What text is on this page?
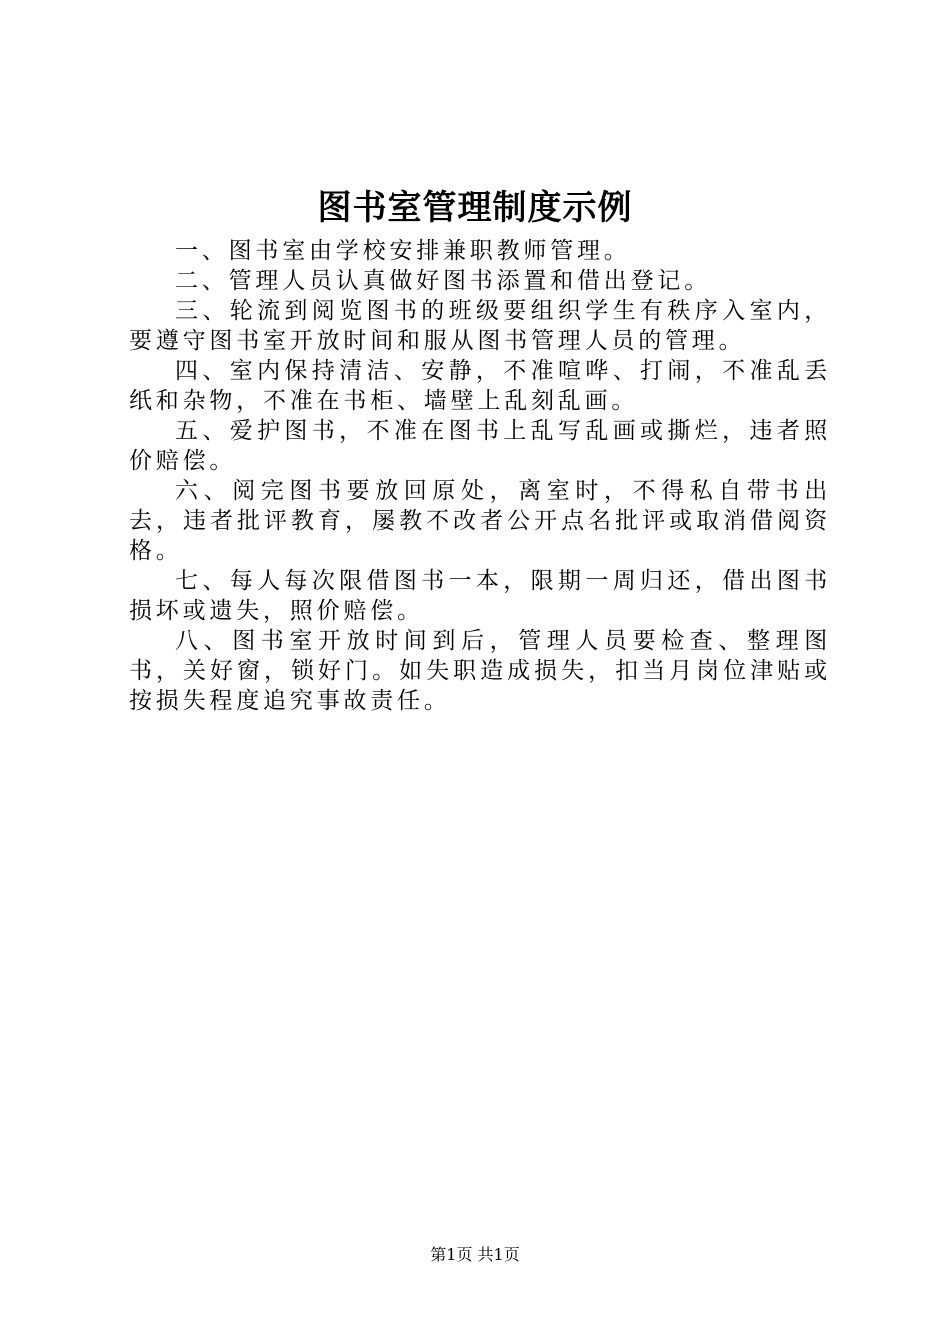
图书室管理制度示例

一、图书室由学校安排兼职教师管理。

二、管理人员认真做好图书添置和借出登记。

三、轮流到阅览图书的班级要组织学生有秩序入室内，要遵守图书室开放时间和服从图书管理人员的管理。

四、室内保持清洁、安静，不准喧哗、打闹，不准乱丢纸和杂物，不准在书柜、墙壁上乱刻乱画。

五、爱护图书，不准在图书上乱写乱画或撕烂，违者照价赔偿。

六、阅完图书要放回原处，离室时，不得私自带书出去，违者批评教育，屡教不改者公开点名批评或取消借阅资格。

七、每人每次限借图书一本，限期一周归还，借出图书损坏或遗失，照价赔偿。

八、图书室开放时间到后，管理人员要检查、整理图书，关好窗，锁好门。如失职造成损失，扣当月岗位津贴或按损失程度追究事故责任。

第1页 共1页
